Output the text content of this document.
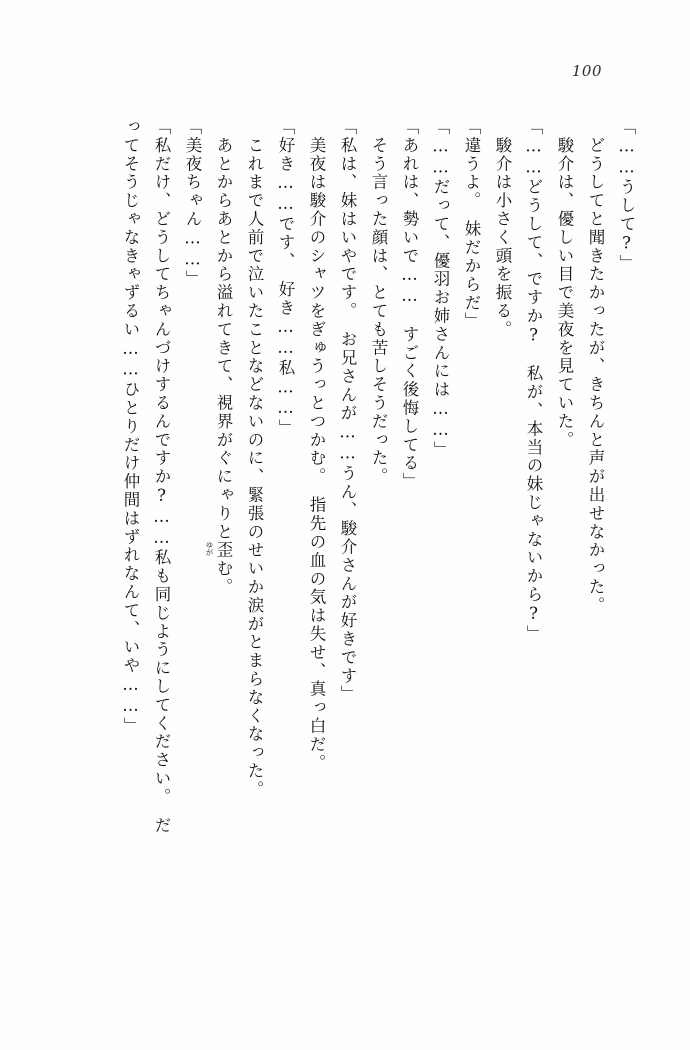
100
「……うして?」
　どうしてと聞きたかったが、きちんと声が出せなかった。
　駿介は、優しい目で美夜を見ていた。
「……どうして、ですか?　私が、本当の妹じゃないから?」
　駿介は小さく頭を振る。
「違うよ。　妹だからだ」
「……だって、優羽お姉さんには……」
「あれは、勢いで……　すごく後悔してる」
　そう言った顔は、とても苦しそうだった。
「私は、妹はいやです。　お兄さんが……うん、駿介さんが好きです」
　美夜は駿介のシャツをぎゅうっとつかむ。　指先の血の気は失せ、真っ白だ。
「好き……です、　好き……私……」
　これまで人前で泣いたことなどないのに、緊張のせいか涙がとまらなくなった。
　あとからあとから溢れてきて、視界がぐにゃりと歪
ゆが
む。
「美夜ちゃん……」
「私だけ、どうしてちゃんづけするんですか?……私も同じようにしてください。　だ
ってそうじゃなきゃずるい……ひとりだけ仲間はずれなんて、いや……」
